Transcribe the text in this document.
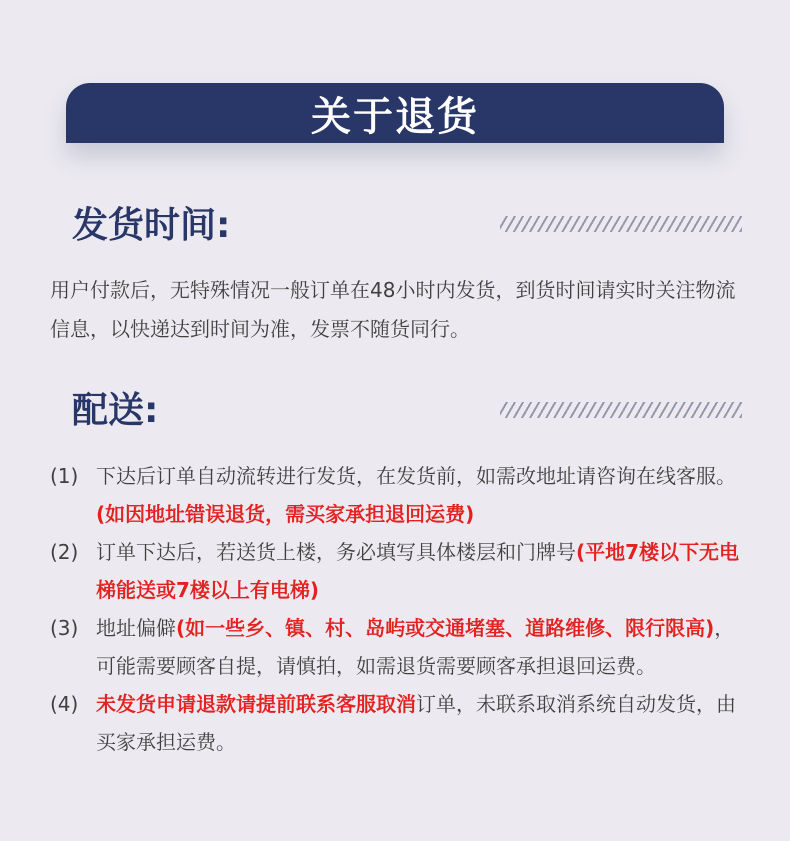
关于退货
发货时间:
用户付款后，无特殊情况一般订单在48小时内发货，到货时间请实时关注物流信息，以快递达到时间为准，发票不随货同行。
配送:
(1) 下达后订单自动流转进行发货，在发货前，如需改地址请咨询在线客服。(如因地址错误退货，需买家承担退回运费)
(2) 订单下达后，若送货上楼，务必填写具体楼层和门牌号(平地7楼以下无电梯能送或7楼以上有电梯)
(3) 地址偏僻(如一些乡、镇、村、岛屿或交通堵塞、道路维修、限行限高)，可能需要顾客自提，请慎拍，如需退货需要顾客承担退回运费。
(4) 未发货申请退款请提前联系客服取消订单，未联系取消系统自动发货，由买家承担运费。
